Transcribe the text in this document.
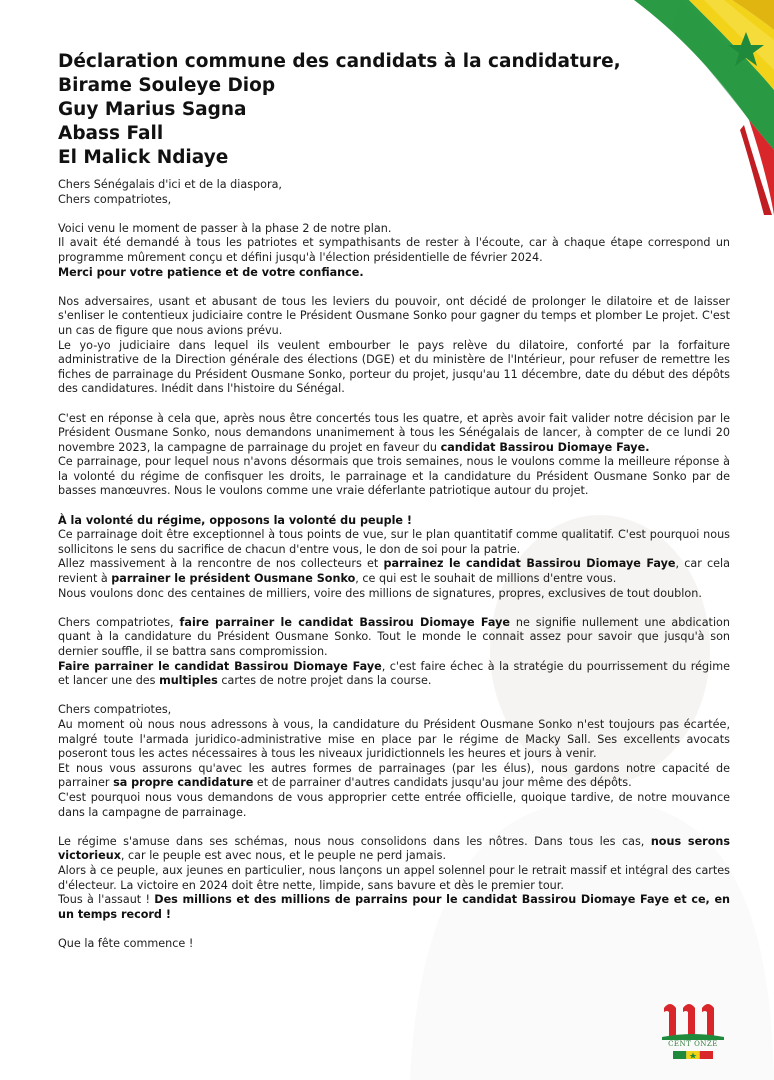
Déclaration commune des candidats à la candidature,
Birame Souleye Diop
Guy Marius Sagna
Abass Fall
El Malick Ndiaye

Chers Sénégalais d'ici et de la diaspora,
Chers compatriotes,

Voici venu le moment de passer à la phase 2 de notre plan.
Il avait été demandé à tous les patriotes et sympathisants de rester à l'écoute, car à chaque étape correspond un programme mûrement conçu et défini jusqu'à l'élection présidentielle de février 2024.
Merci pour votre patience et de votre confiance.

Nos adversaires, usant et abusant de tous les leviers du pouvoir, ont décidé de prolonger le dilatoire et de laisser s'enliser le contentieux judiciaire contre le Président Ousmane Sonko pour gagner du temps et plomber Le projet. C'est un cas de figure que nous avions prévu.
Le yo-yo judiciaire dans lequel ils veulent embourber le pays relève du dilatoire, conforté par la forfaiture administrative de la Direction générale des élections (DGE) et du ministère de l'Intérieur, pour refuser de remettre les fiches de parrainage du Président Ousmane Sonko, porteur du projet, jusqu'au 11 décembre, date du début des dépôts des candidatures. Inédit dans l'histoire du Sénégal.

C'est en réponse à cela que, après nous être concertés tous les quatre, et après avoir fait valider notre décision par le Président Ousmane Sonko, nous demandons unanimement à tous les Sénégalais de lancer, à compter de ce lundi 20 novembre 2023, la campagne de parrainage du projet en faveur du candidat Bassirou Diomaye Faye.
Ce parrainage, pour lequel nous n'avons désormais que trois semaines, nous le voulons comme la meilleure réponse à la volonté du régime de confisquer les droits, le parrainage et la candidature du Président Ousmane Sonko par de basses manœuvres. Nous le voulons comme une vraie déferlante patriotique autour du projet.

À la volonté du régime, opposons la volonté du peuple !
Ce parrainage doit être exceptionnel à tous points de vue, sur le plan quantitatif comme qualitatif. C'est pourquoi nous sollicitons le sens du sacrifice de chacun d'entre vous, le don de soi pour la patrie.
Allez massivement à la rencontre de nos collecteurs et parrainez le candidat Bassirou Diomaye Faye, car cela revient à parrainer le président Ousmane Sonko, ce qui est le souhait de millions d'entre vous.
Nous voulons donc des centaines de milliers, voire des millions de signatures, propres, exclusives de tout doublon.

Chers compatriotes, faire parrainer le candidat Bassirou Diomaye Faye ne signifie nullement une abdication quant à la candidature du Président Ousmane Sonko. Tout le monde le connait assez pour savoir que jusqu'à son dernier souffle, il se battra sans compromission.
Faire parrainer le candidat Bassirou Diomaye Faye, c'est faire échec à la stratégie du pourrissement du régime et lancer une des multiples cartes de notre projet dans la course.

Chers compatriotes,
Au moment où nous nous adressons à vous, la candidature du Président Ousmane Sonko n'est toujours pas écartée, malgré toute l'armada juridico-administrative mise en place par le régime de Macky Sall. Ses excellents avocats poseront tous les actes nécessaires à tous les niveaux juridictionnels les heures et jours à venir.
Et nous vous assurons qu'avec les autres formes de parrainages (par les élus), nous gardons notre capacité de parrainer sa propre candidature et de parrainer d'autres candidats jusqu'au jour même des dépôts.
C'est pourquoi nous vous demandons de vous approprier cette entrée officielle, quoique tardive, de notre mouvance dans la campagne de parrainage.

Le régime s'amuse dans ses schémas, nous nous consolidons dans les nôtres. Dans tous les cas, nous serons victorieux, car le peuple est avec nous, et le peuple ne perd jamais.
Alors à ce peuple, aux jeunes en particulier, nous lançons un appel solennel pour le retrait massif et intégral des cartes d'électeur. La victoire en 2024 doit être nette, limpide, sans bavure et dès le premier tour.
Tous à l'assaut ! Des millions et des millions de parrains pour le candidat Bassirou Diomaye Faye et ce, en un temps record !

Que la fête commence !

CENT ONZE
